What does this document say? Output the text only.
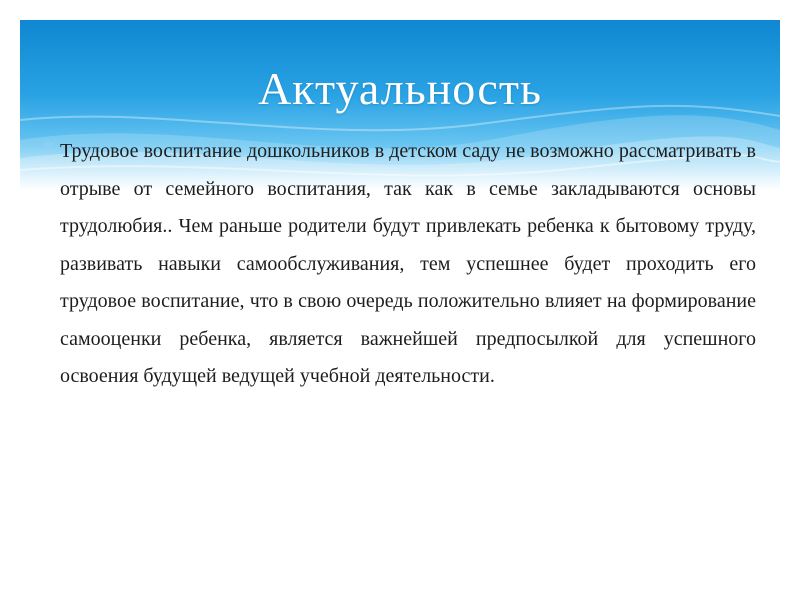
Актуальность
Трудовое воспитание дошкольников в детском саду не возможно рассматривать в отрыве от семейного воспитания, так как в семье закладываются основы трудолюбия.. Чем раньше родители будут привлекать ребенка к бытовому труду, развивать навыки самообслуживания, тем успешнее будет проходить его трудовое воспитание, что в свою очередь положительно влияет на формирование самооценки ребенка, является важнейшей предпосылкой для успешного освоения будущей ведущей учебной деятельности.
